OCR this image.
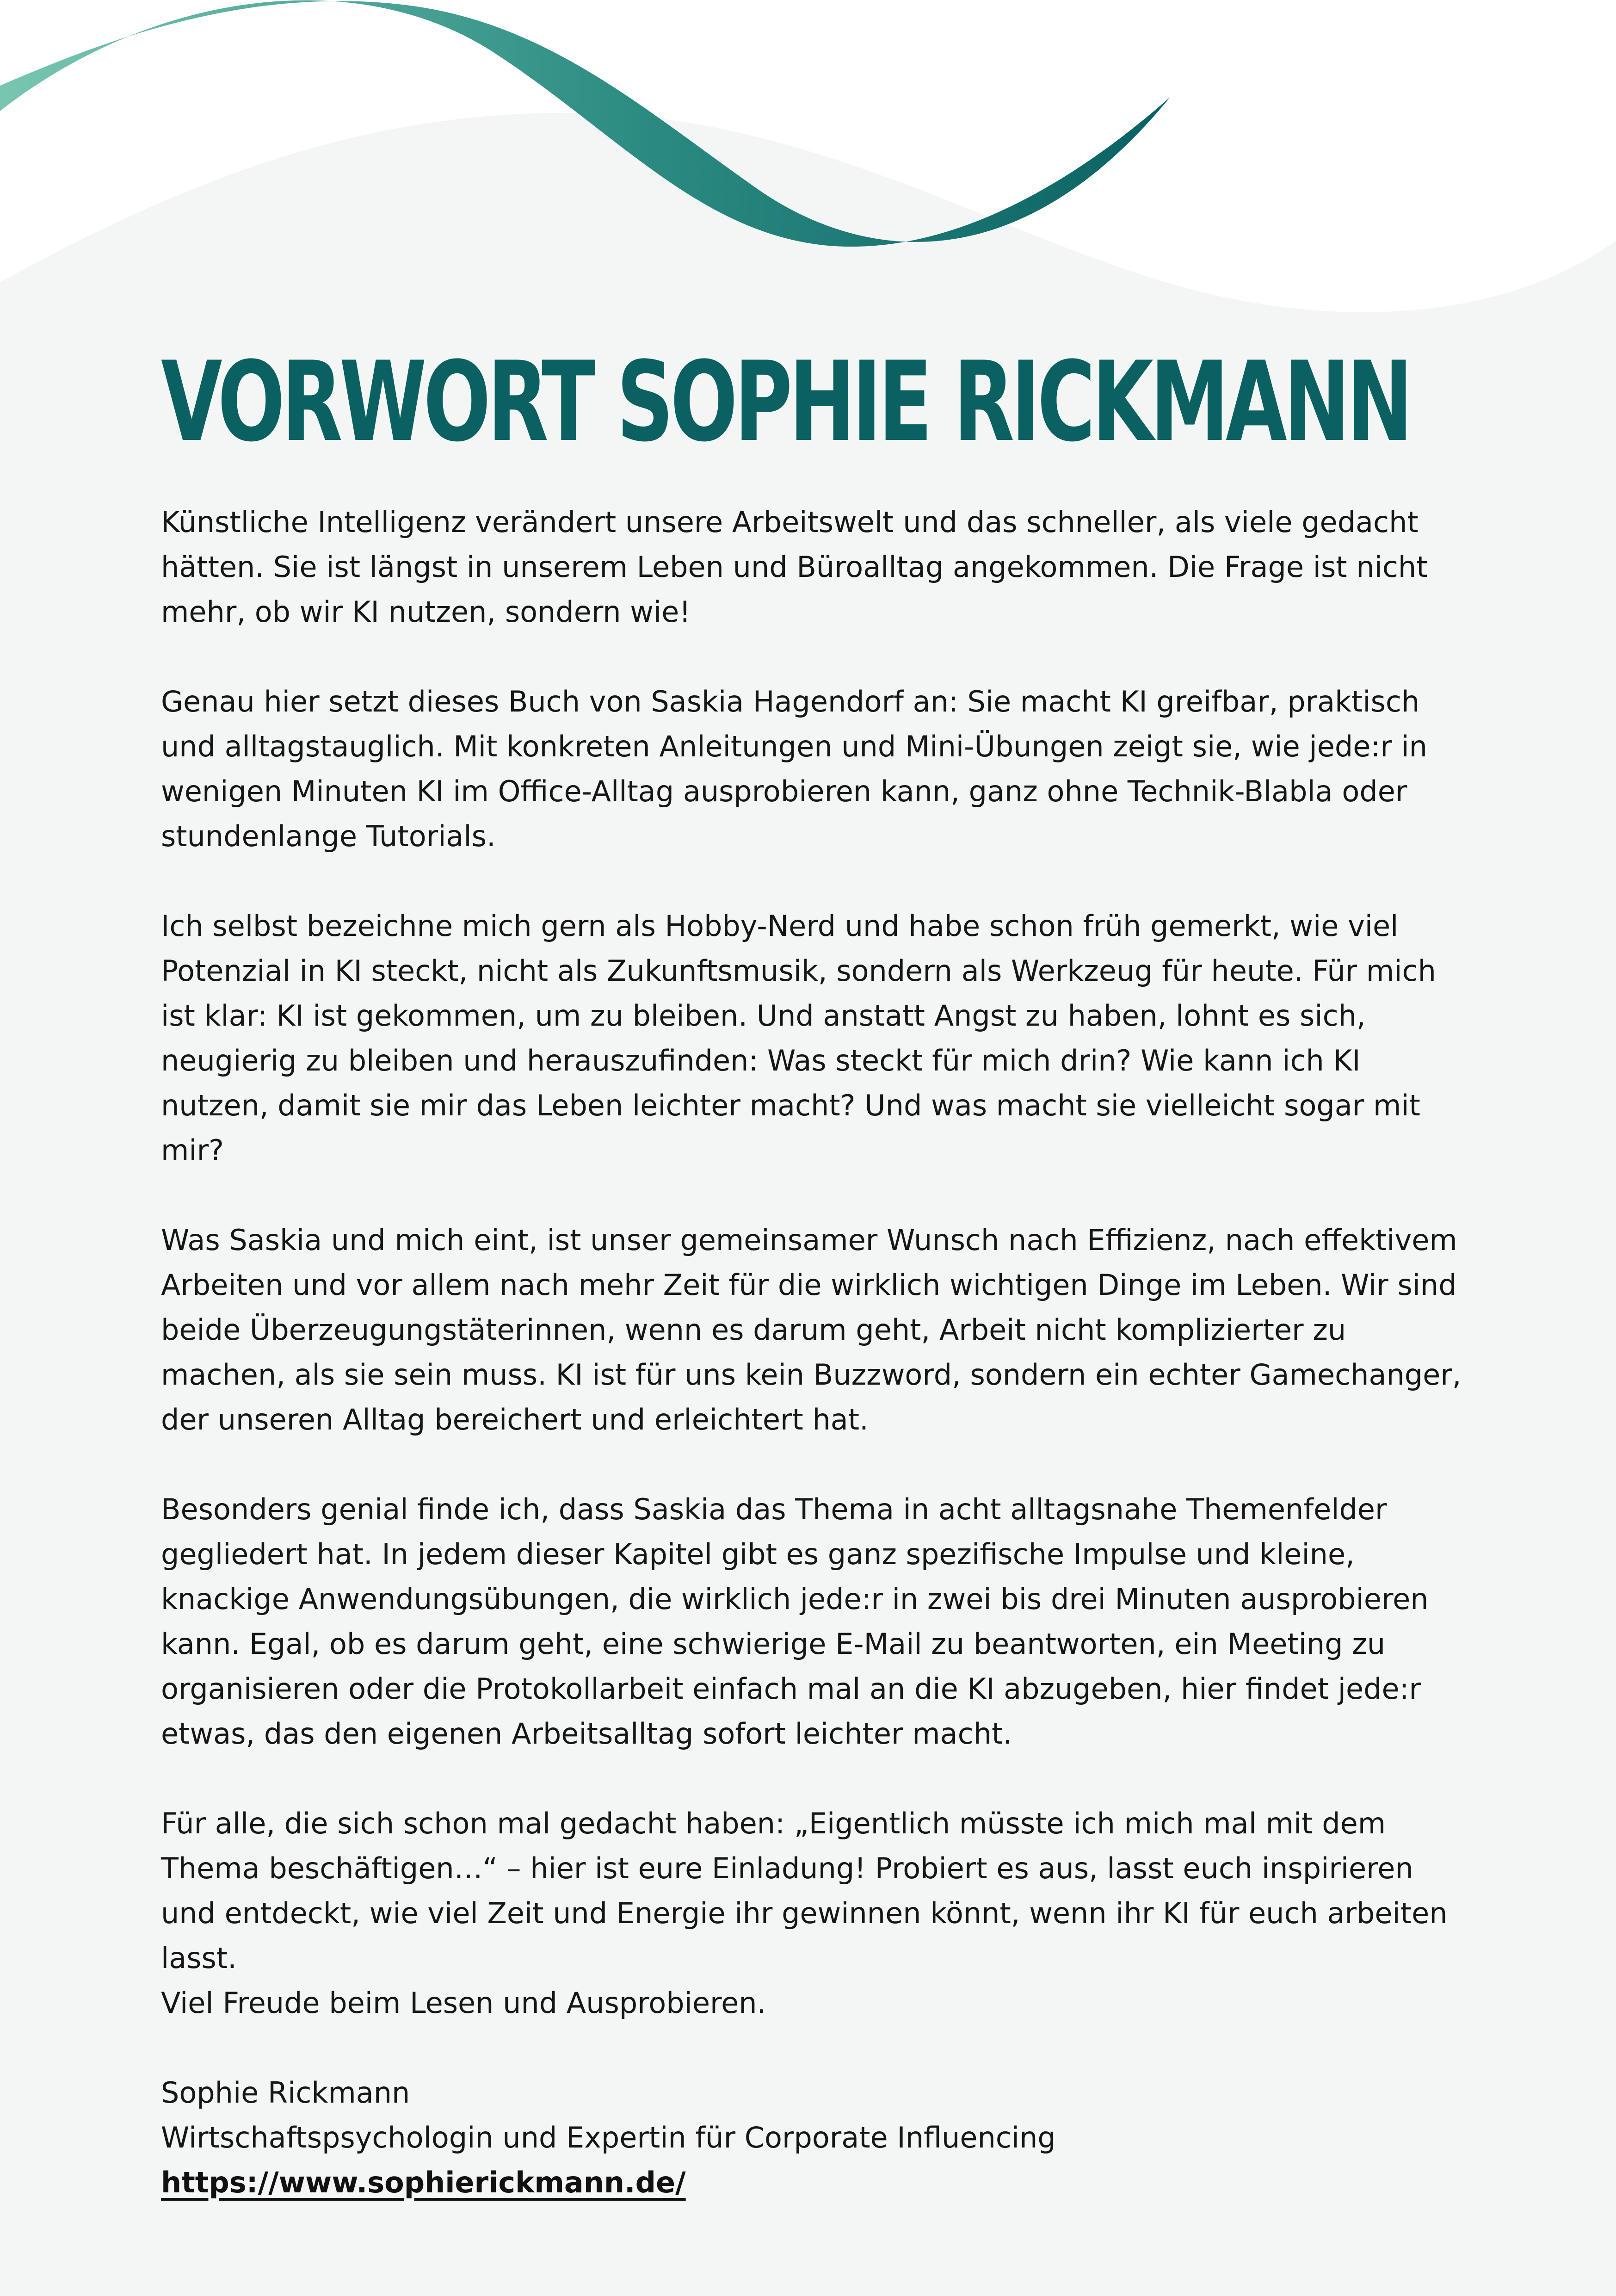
VORWORT SOPHIE RICKMANN

Künstliche Intelligenz verändert unsere Arbeitswelt und das schneller, als viele gedacht hätten. Sie ist längst in unserem Leben und Büroalltag angekommen. Die Frage ist nicht mehr, ob wir KI nutzen, sondern wie!

Genau hier setzt dieses Buch von Saskia Hagendorf an: Sie macht KI greifbar, praktisch und alltagstauglich. Mit konkreten Anleitungen und Mini-Übungen zeigt sie, wie jede:r in wenigen Minuten KI im Office-Alltag ausprobieren kann, ganz ohne Technik-Blabla oder stundenlange Tutorials.

Ich selbst bezeichne mich gern als Hobby-Nerd und habe schon früh gemerkt, wie viel Potenzial in KI steckt, nicht als Zukunftsmusik, sondern als Werkzeug für heute. Für mich ist klar: KI ist gekommen, um zu bleiben. Und anstatt Angst zu haben, lohnt es sich, neugierig zu bleiben und herauszufinden: Was steckt für mich drin? Wie kann ich KI nutzen, damit sie mir das Leben leichter macht? Und was macht sie vielleicht sogar mit mir?

Was Saskia und mich eint, ist unser gemeinsamer Wunsch nach Effizienz, nach effektivem Arbeiten und vor allem nach mehr Zeit für die wirklich wichtigen Dinge im Leben. Wir sind beide Überzeugungstäterinnen, wenn es darum geht, Arbeit nicht komplizierter zu machen, als sie sein muss. KI ist für uns kein Buzzword, sondern ein echter Gamechanger, der unseren Alltag bereichert und erleichtert hat.

Besonders genial finde ich, dass Saskia das Thema in acht alltagsnahe Themenfelder gegliedert hat. In jedem dieser Kapitel gibt es ganz spezifische Impulse und kleine, knackige Anwendungsübungen, die wirklich jede:r in zwei bis drei Minuten ausprobieren kann. Egal, ob es darum geht, eine schwierige E-Mail zu beantworten, ein Meeting zu organisieren oder die Protokollarbeit einfach mal an die KI abzugeben, hier findet jede:r etwas, das den eigenen Arbeitsalltag sofort leichter macht.

Für alle, die sich schon mal gedacht haben: „Eigentlich müsste ich mich mal mit dem Thema beschäftigen…“ – hier ist eure Einladung! Probiert es aus, lasst euch inspirieren und entdeckt, wie viel Zeit und Energie ihr gewinnen könnt, wenn ihr KI für euch arbeiten lasst.
Viel Freude beim Lesen und Ausprobieren.

Sophie Rickmann
Wirtschaftspsychologin und Expertin für Corporate Influencing
https://www.sophierickmann.de/
